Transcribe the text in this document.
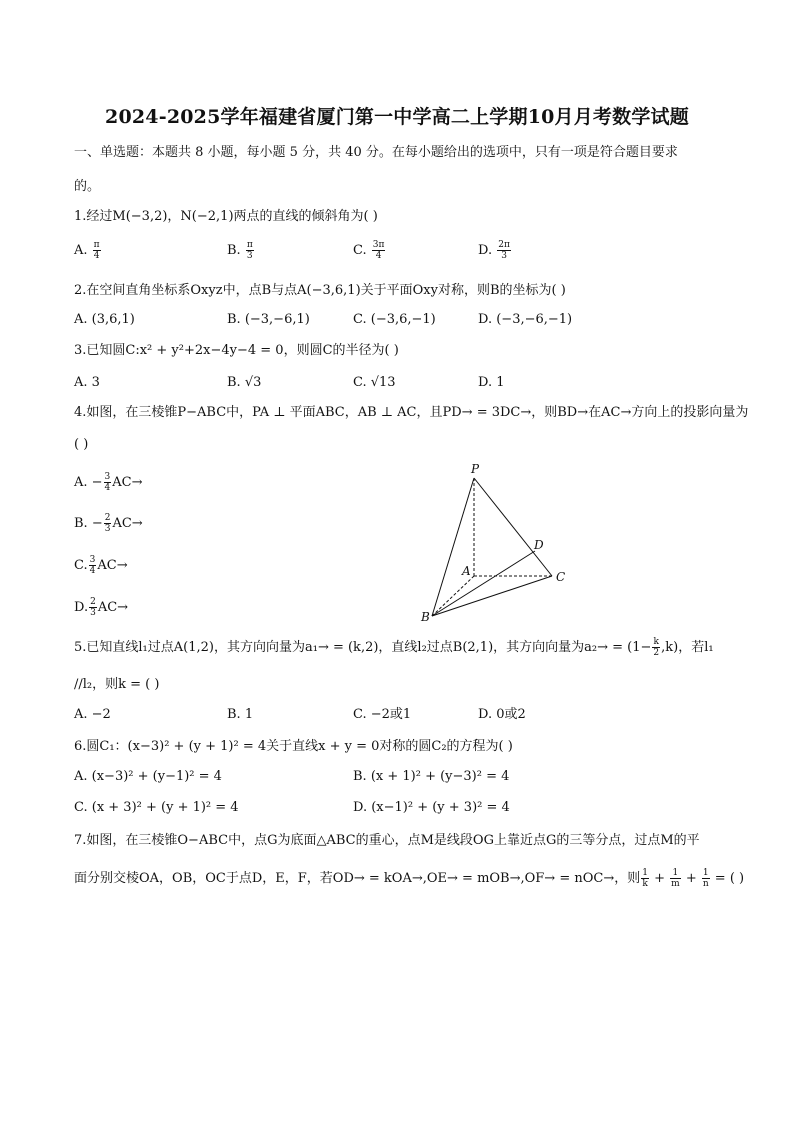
2024-2025学年福建省厦门第一中学高二上学期10月月考数学试题
一、单选题：本题共 8 小题，每小题 5 分，共 40 分。在每小题给出的选项中，只有一项是符合题目要求
的。
1.经过M(−3,2)，N(−2,1)两点的直线的倾斜角为( )
A. $\frac{\pi}{4}$	B. $\frac{\pi}{3}$	C. $\frac{3\pi}{4}$	D. $\frac{2\pi}{3}$
2.在空间直角坐标系Oxyz中，点B与点A(−3,6,1)关于平面Oxy对称，则B的坐标为( )
A. (3,6,1)	B. (−3,−6,1)	C. (−3,6,−1)	D. (−3,−6,−1)
3.已知圆C:x² + y²+2x−4y−4 = 0，则圆C的半径为( )
A. 3	B. √3	C. √13	D. 1
4.如图，在三棱锥P−ABC中，PA ⊥ 平面ABC，AB ⊥ AC，且PD→ = 3DC→，则BD→在AC→方向上的投影向量为
( )
A. − $\frac{3}{4} AC\to$
B. − $\frac{2}{3} AC\to$
C. $\frac{3}{4} AC\to$
D. $\frac{2}{3} AC\to$
P
A
B
C
D
5.已知直线l₁过点A(1,2)，其方向向量为a₁→ = (k,2)，直线l₂过点B(2,1)，其方向向量为$a_2\to = (1- \frac{k}{2} ,k)$，若l₁
//l₂，则k = ( )
A. −2	B. 1	C. −2或1	D. 0或2
6.圆C₁：(x−3)² + (y + 1)² = 4关于直线x + y = 0对称的圆C₂的方程为( )
A. (x−3)² + (y−1)² = 4	B. (x + 1)² + (y−3)² = 4
C. (x + 3)² + (y + 1)² = 4	D. (x−1)² + (y + 3)² = 4
7.如图，在三棱锥O−ABC中，点G为底面△ABC的重心，点M是线段OG上靠近点G的三等分点，过点M的平
面分别交棱OA，OB，OC于点D，E，F，若OD→ = kOA→,OE→ = mOB→,OF→ = nOC→，则 $\frac{1}{k} + \frac{1}{m} + \frac{1}{n}$ = ( )
